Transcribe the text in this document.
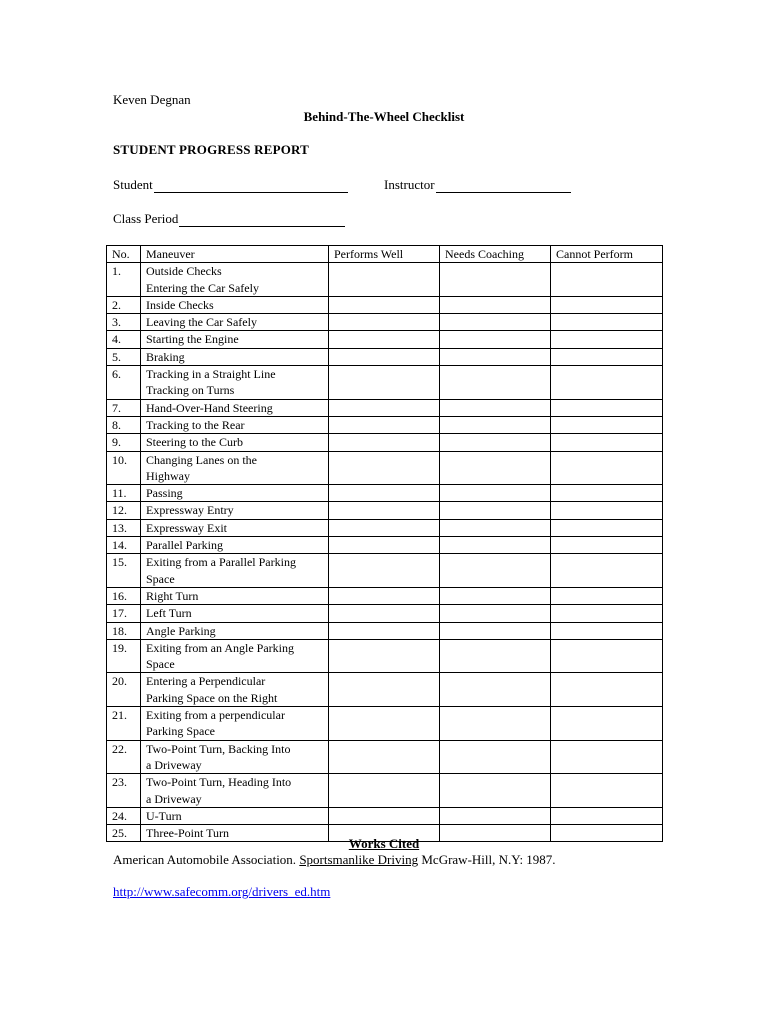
Keven Degnan
Behind-The-Wheel Checklist
STUDENT PROGRESS REPORT
Student	Instructor
Class Period
No.	Maneuver	Performs Well	Needs Coaching	Cannot Perform
1.	Outside Checks
Entering the Car Safely			

2.	Inside Checks			

3.	Leaving the Car Safely			

4.	Starting the Engine			

5.	Braking			

6.	Tracking in a Straight Line
Tracking on Turns			

7.	Hand-Over-Hand Steering			

8.	Tracking to the Rear			

9.	Steering to the Curb			

10.	Changing Lanes on the
Highway			

11.	Passing			

12.	Expressway Entry			

13.	Expressway Exit			

14.	Parallel Parking			

15.	Exiting from a Parallel Parking
Space			

16.	Right Turn			

17.	Left Turn			

18.	Angle Parking			

19.	Exiting from an Angle Parking
Space			

20.	Entering a Perpendicular
Parking Space on the Right			

21.	Exiting from a perpendicular
Parking Space			

22.	Two-Point Turn, Backing Into
a Driveway			

23.	Two-Point Turn, Heading Into
a Driveway			

24.	U-Turn			

25.	Three-Point Turn			

Works Cited
American Automobile Association. Sportsmanlike Driving McGraw-Hill, N.Y: 1987.
http://www.safecomm.org/drivers_ed.htm
